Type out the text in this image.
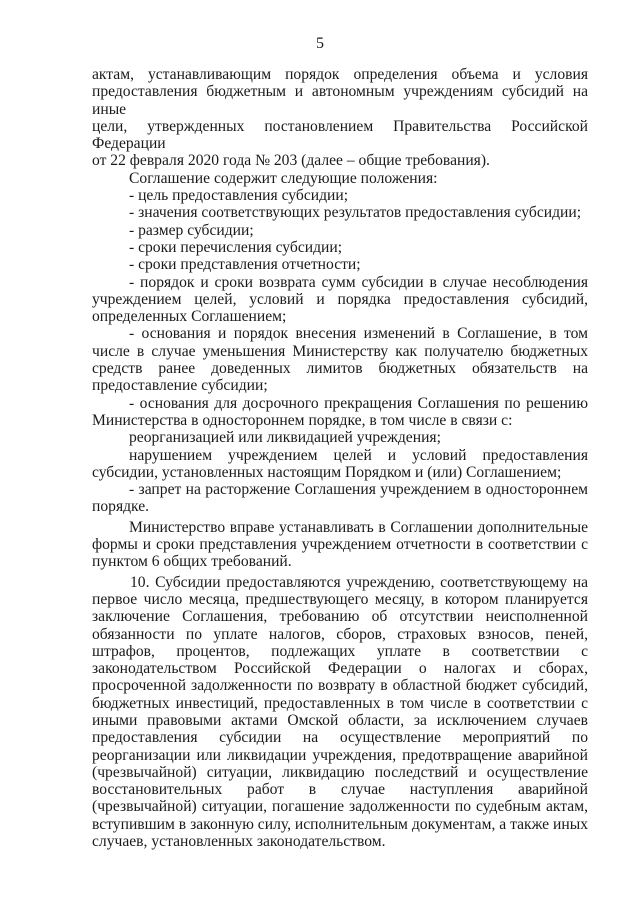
5

актам, устанавливающим порядок определения объема и условия

предоставления бюджетным и автономным учреждениям субсидий на иные

цели, утвержденных постановлением Правительства Российской Федерации

от 22 февраля 2020 года № 203 (далее – общие требования).

Соглашение содержит следующие положения:

- цель предоставления субсидии;

- значения соответствующих результатов предоставления субсидии;

- размер субсидии;

- сроки перечисления субсидии;

- сроки представления отчетности;

- порядок и сроки возврата сумм субсидии в случае несоблюдения учреждением целей, условий и порядка предоставления субсидий, определенных Соглашением;

- основания и порядок внесения изменений в Соглашение, в том числе в случае уменьшения Министерству как получателю бюджетных средств ранее доведенных лимитов бюджетных обязательств на предоставление субсидии;

- основания для досрочного прекращения Соглашения по решению Министерства в одностороннем порядке, в том числе в связи с:

реорганизацией или ликвидацией учреждения;

нарушением учреждением целей и условий предоставления субсидии, установленных настоящим Порядком и (или) Соглашением;

- запрет на расторжение Соглашения учреждением в одностороннем порядке.

Министерство вправе устанавливать в Соглашении дополнительные формы и сроки представления учреждением отчетности в соответствии с пунктом 6 общих требований.

10. Субсидии предоставляются учреждению, соответствующему на первое число месяца, предшествующего месяцу, в котором планируется заключение Соглашения, требованию об отсутствии неисполненной обязанности по уплате налогов, сборов, страховых взносов, пеней, штрафов, процентов, подлежащих уплате в соответствии с законодательством Российской Федерации о налогах и сборах, просроченной задолженности по возврату в областной бюджет субсидий, бюджетных инвестиций, предоставленных в том числе в соответствии с иными правовыми актами Омской области, за исключением случаев предоставления субсидии на осуществление мероприятий по реорганизации или ликвидации учреждения, предотвращение аварийной (чрезвычайной) ситуации, ликвидацию последствий и осуществление восстановительных работ в случае наступления аварийной (чрезвычайной) ситуации, погашение задолженности по судебным актам, вступившим в законную силу, исполнительным документам, а также иных случаев, установленных законодательством.
